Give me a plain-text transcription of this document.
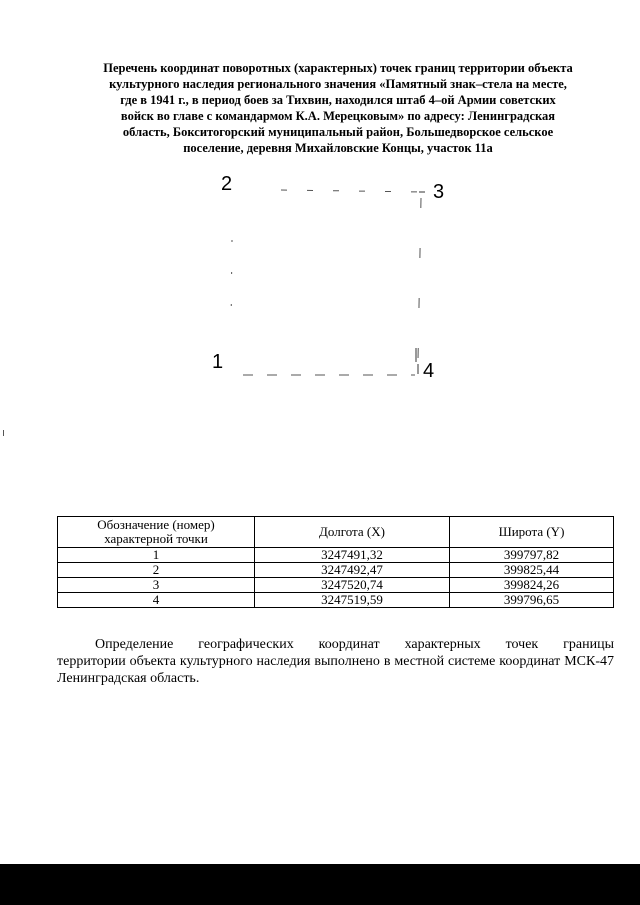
Перечень координат поворотных (характерных) точек границ территории объекта
культурного наследия регионального значения «Памятный знак–стела на месте,
где в 1941 г., в период боев за Тихвин, находился штаб 4–ой Армии советских
войск во главе с командармом К.А. Мерецковым» по адресу: Ленинградская
область, Бокситогорский муниципальный район, Большедворское сельское
поселение, деревня Михайловские Концы, участок 11а
2	3
1	4
Обозначение (номер)
характерной точки	Долгота (X)	Широта (Y)
1	3247491,32	399797,82
2	3247492,47	399825,44
3	3247520,74	399824,26
4	3247519,59	399796,65

Определение географических координат характерных точек границы
территории объекта культурного наследия выполнено в местной системе координат МСК-47 Ленинградская область.
